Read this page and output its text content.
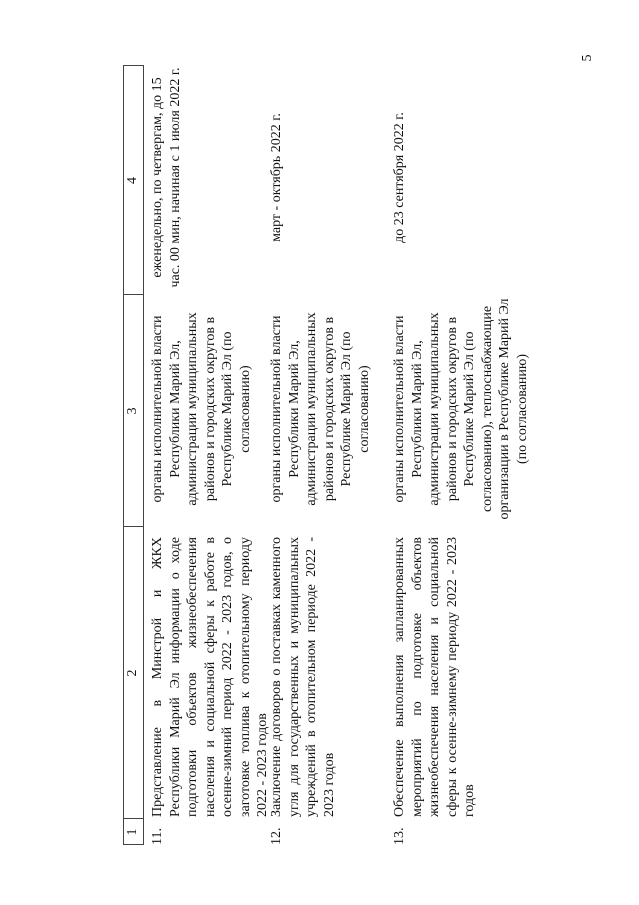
5
1
2
3
4
11.
Представление в Минстрой и ЖКХ Республики Марий Эл информации о ходе подготовки объектов жизнеобеспечения населения и социальной сферы к работе в осенне-зимний период 2022 - 2023 годов, о заготовке топлива к отопительному периоду 2022 - 2023 годов
органы исполнительной власти Республики Марий Эл, администрации муниципальных районов и городских округов в Республике Марий Эл (по согласованию)
еженедельно, по четвергам, до 15 час. 00 мин, начиная с 1 июля 2022 г.
12.
Заключение договоров о поставках каменного угля для государственных и муниципальных учреждений в отопительном периоде 2022 - 2023 годов
органы исполнительной власти Республики Марий Эл, администрации муниципальных районов и городских округов в Республике Марий Эл (по согласованию)
март - октябрь 2022 г.
13.
Обеспечение выполнения запланированных мероприятий по подготовке объектов жизнеобеспечения населения и социальной сферы к осенне-зимнему периоду 2022 - 2023 годов
органы исполнительной власти Республики Марий Эл, администрации муниципальных районов и городских округов в Республике Марий Эл (по согласованию), теплоснабжающие организации в Республике Марий Эл (по согласованию)
до 23 сентября 2022 г.
